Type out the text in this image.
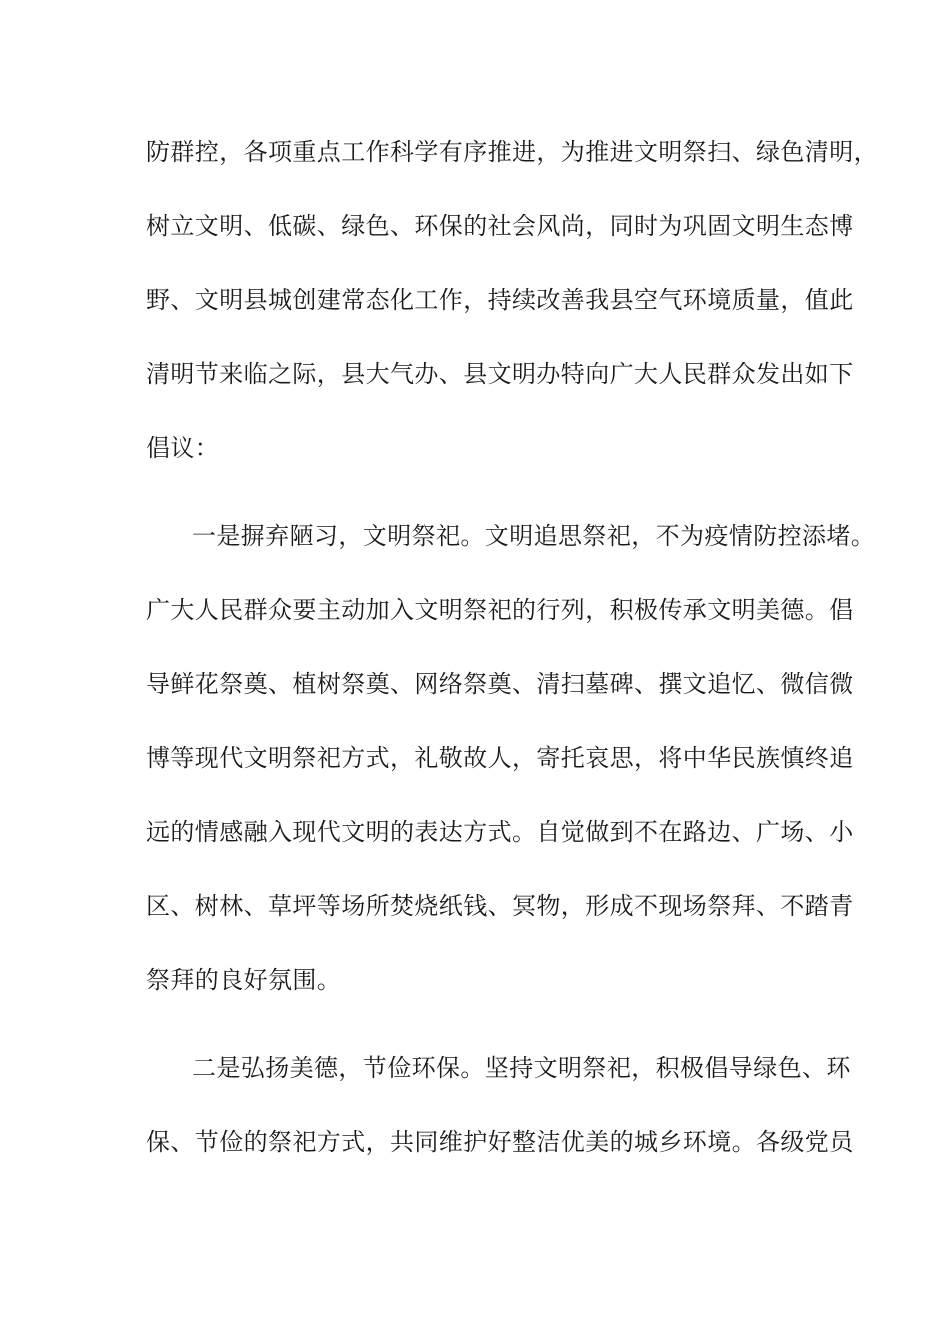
防群控，各项重点工作科学有序推进，为推进文明祭扫、绿色清明，
树立文明、低碳、绿色、环保的社会风尚，同时为巩固文明生态博
野、文明县城创建常态化工作，持续改善我县空气环境质量，值此
清明节来临之际，县大气办、县文明办特向广大人民群众发出如下
倡议：
一是摒弃陋习，文明祭祀。文明追思祭祀，不为疫情防控添堵。
广大人民群众要主动加入文明祭祀的行列，积极传承文明美德。倡
导鲜花祭奠、植树祭奠、网络祭奠、清扫墓碑、撰文追忆、微信微
博等现代文明祭祀方式，礼敬故人，寄托哀思，将中华民族慎终追
远的情感融入现代文明的表达方式。自觉做到不在路边、广场、小
区、树林、草坪等场所焚烧纸钱、冥物，形成不现场祭拜、不踏青
祭拜的良好氛围。
二是弘扬美德，节俭环保。坚持文明祭祀，积极倡导绿色、环
保、节俭的祭祀方式，共同维护好整洁优美的城乡环境。各级党员
